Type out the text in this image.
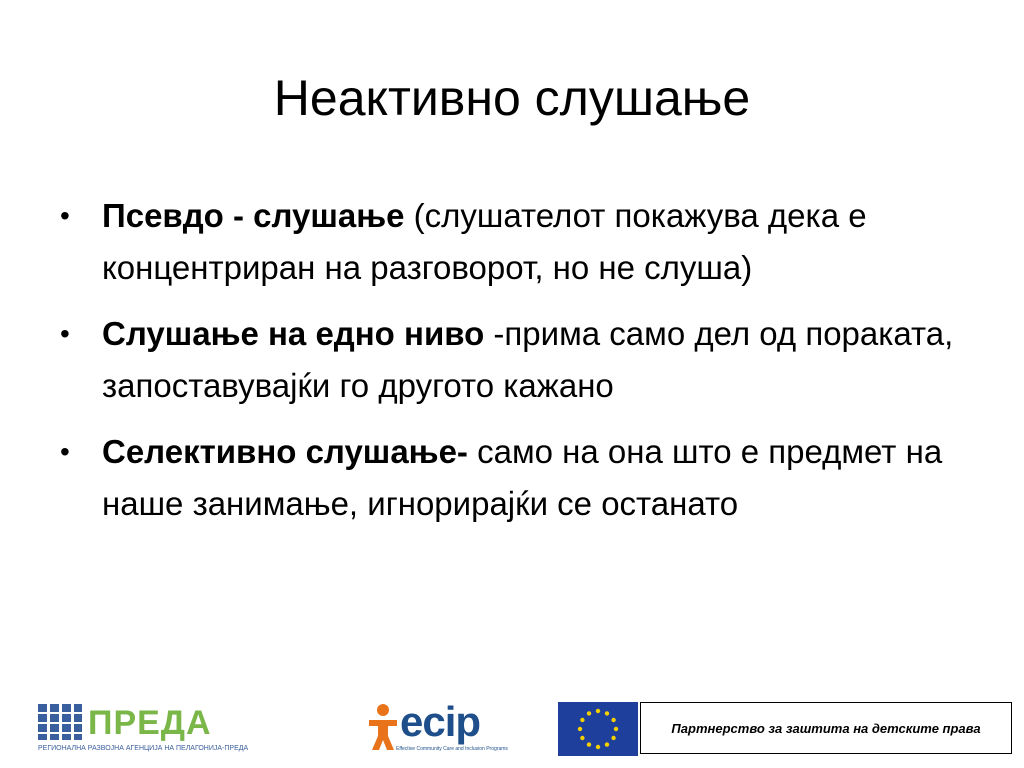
Неактивно слушање
• Псевдо - слушање (слушателот покажува дека е концентриран на разговорот, но не слуша)
• Слушање на едно ниво -прима само дел од пораката, запоставувајќи го другото кажано
• Селективно слушање- само на она што е предмет на наше занимање, игнорирајќи се останато
ПРЕДА
РЕГИОНАЛНА РАЗВОЈНА АГЕНЦИЈА НА ПЕЛАГОНИЈА-ПРЕДА
ecip
Effective Community Care and Inclusion Programs
Партнерство за заштита на детските права
